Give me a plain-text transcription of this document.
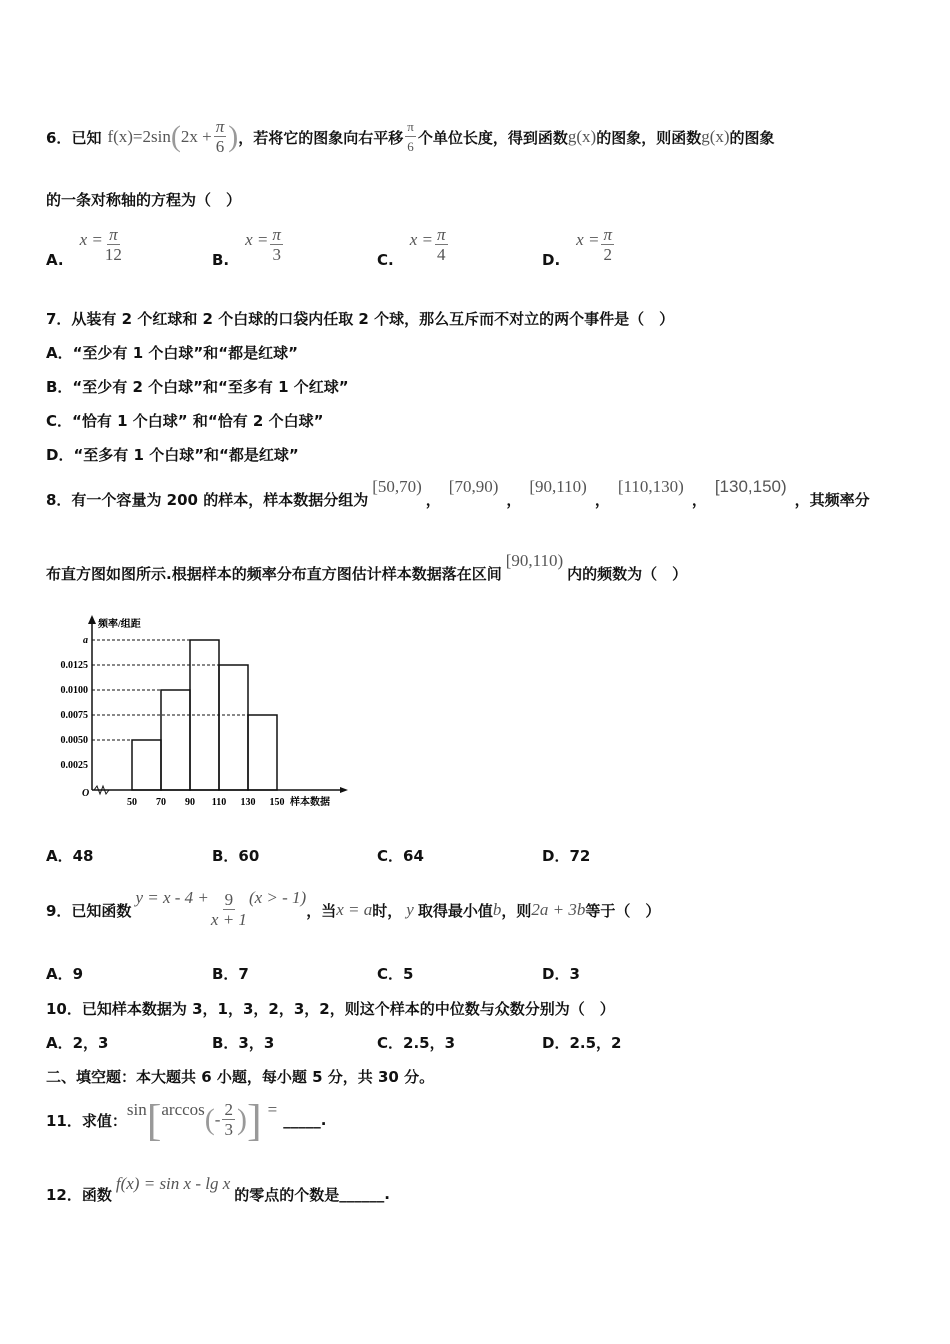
6． 已知 f(x)=2sin ( $2x + \frac{\pi}{6}$ ) ，若将它的图象向右平移
π
6 个单位长度，得到函数 g(x) 的图象，则函数 g(x) 的图象
的一条对称轴的方程为（　）
A.
$x = \frac{\pi}{12}$	B.
$x = \frac{\pi}{3}$	C.
$x = \frac{\pi}{4}$	D.
$x = \frac{\pi}{2}$
7．从装有 2 个红球和 2 个白球的口袋内任取 2 个球，那么互斥而不对立的两个事件是（　）
A．“至少有 1 个白球”和“都是红球”
B．“至少有 2 个白球”和“至多有 1 个红球”
C．“恰有 1 个白球” 和“恰有 2 个白球”
D．“至多有 1 个白球”和“都是红球”
8．有一个容量为 200 的样本，样本数据分组为
[50,70)
，
[70,90)
，
[90,110)
，
[110,130)
，
[130,150)
，其频率分
布直方图如图所示.根据样本的频率分布直方图估计样本数据落在区间
[90,110)
内的频数为（　）
频率/组距
样本数据
O
0.0025
0.0050
0.0075
0.0100
0.0125
a
50 70 90 110 130 150
A．48	B．60	C．64	D．72
9．已知函数
$y = x - 4 + \frac{9}{x + 1} (x$ > - 1)
，当 x = a 时， y 取得最小值 b ，则 2a + 3b 等于（　）
A．9	B．7	C．5	D．3
10．已知样本数据为 3，1，3，2，3，2，则这个样本的中位数与众数分别为（　）
A．2，3	B．3，3	C．2.5，3	D．2.5，2
二、填空题：本大题共 6 小题，每小题 5 分，共 30 分。
11．求值：
sin [ arccos ( - $\frac{2}{3}$ ) ] =
_____.
12．函数
f(x) = sin x - lg x
的零点的个数是 ______.
